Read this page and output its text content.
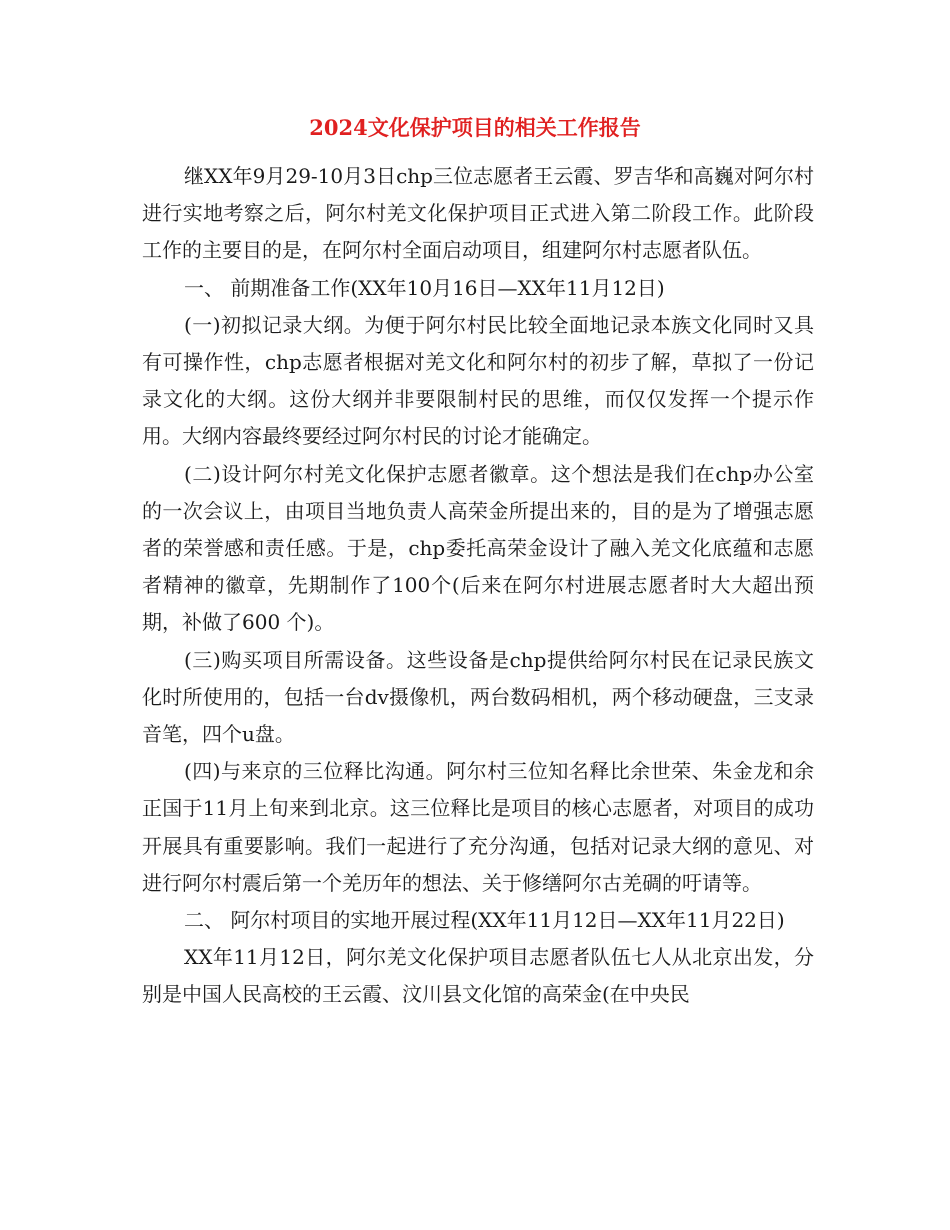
2024文化保护项目的相关工作报告

继XX年9月29-10月3日chp三位志愿者王云霞、罗吉华和高巍对阿尔村进行实地考察之后，阿尔村羌文化保护项目正式进入第二阶段工作。此阶段工作的主要目的是，在阿尔村全面启动项目，组建阿尔村志愿者队伍。

一、 前期准备工作(XX年10月16日—XX年11月12日)

(一)初拟记录大纲。为便于阿尔村民比较全面地记录本族文化同时又具有可操作性，chp志愿者根据对羌文化和阿尔村的初步了解，草拟了一份记录文化的大纲。这份大纲并非要限制村民的思维，而仅仅发挥一个提示作用。大纲内容最终要经过阿尔村民的讨论才能确定。

(二)设计阿尔村羌文化保护志愿者徽章。这个想法是我们在chp办公室的一次会议上，由项目当地负责人高荣金所提出来的，目的是为了增强志愿者的荣誉感和责任感。于是，chp委托高荣金设计了融入羌文化底蕴和志愿者精神的徽章，先期制作了100个(后来在阿尔村进展志愿者时大大超出预期，补做了600 个)。

(三)购买项目所需设备。这些设备是chp提供给阿尔村民在记录民族文化时所使用的，包括一台dv摄像机，两台数码相机，两个移动硬盘，三支录音笔，四个u盘。

(四)与来京的三位释比沟通。阿尔村三位知名释比余世荣、朱金龙和余正国于11月上旬来到北京。这三位释比是项目的核心志愿者，对项目的成功开展具有重要影响。我们一起进行了充分沟通，包括对记录大纲的意见、对进行阿尔村震后第一个羌历年的想法、关于修缮阿尔古羌碉的吁请等。

二、 阿尔村项目的实地开展过程(XX年11月12日—XX年11月22日)

XX年11月12日，阿尔羌文化保护项目志愿者队伍七人从北京出发，分别是中国人民高校的王云霞、汶川县文化馆的高荣金(在中央民
